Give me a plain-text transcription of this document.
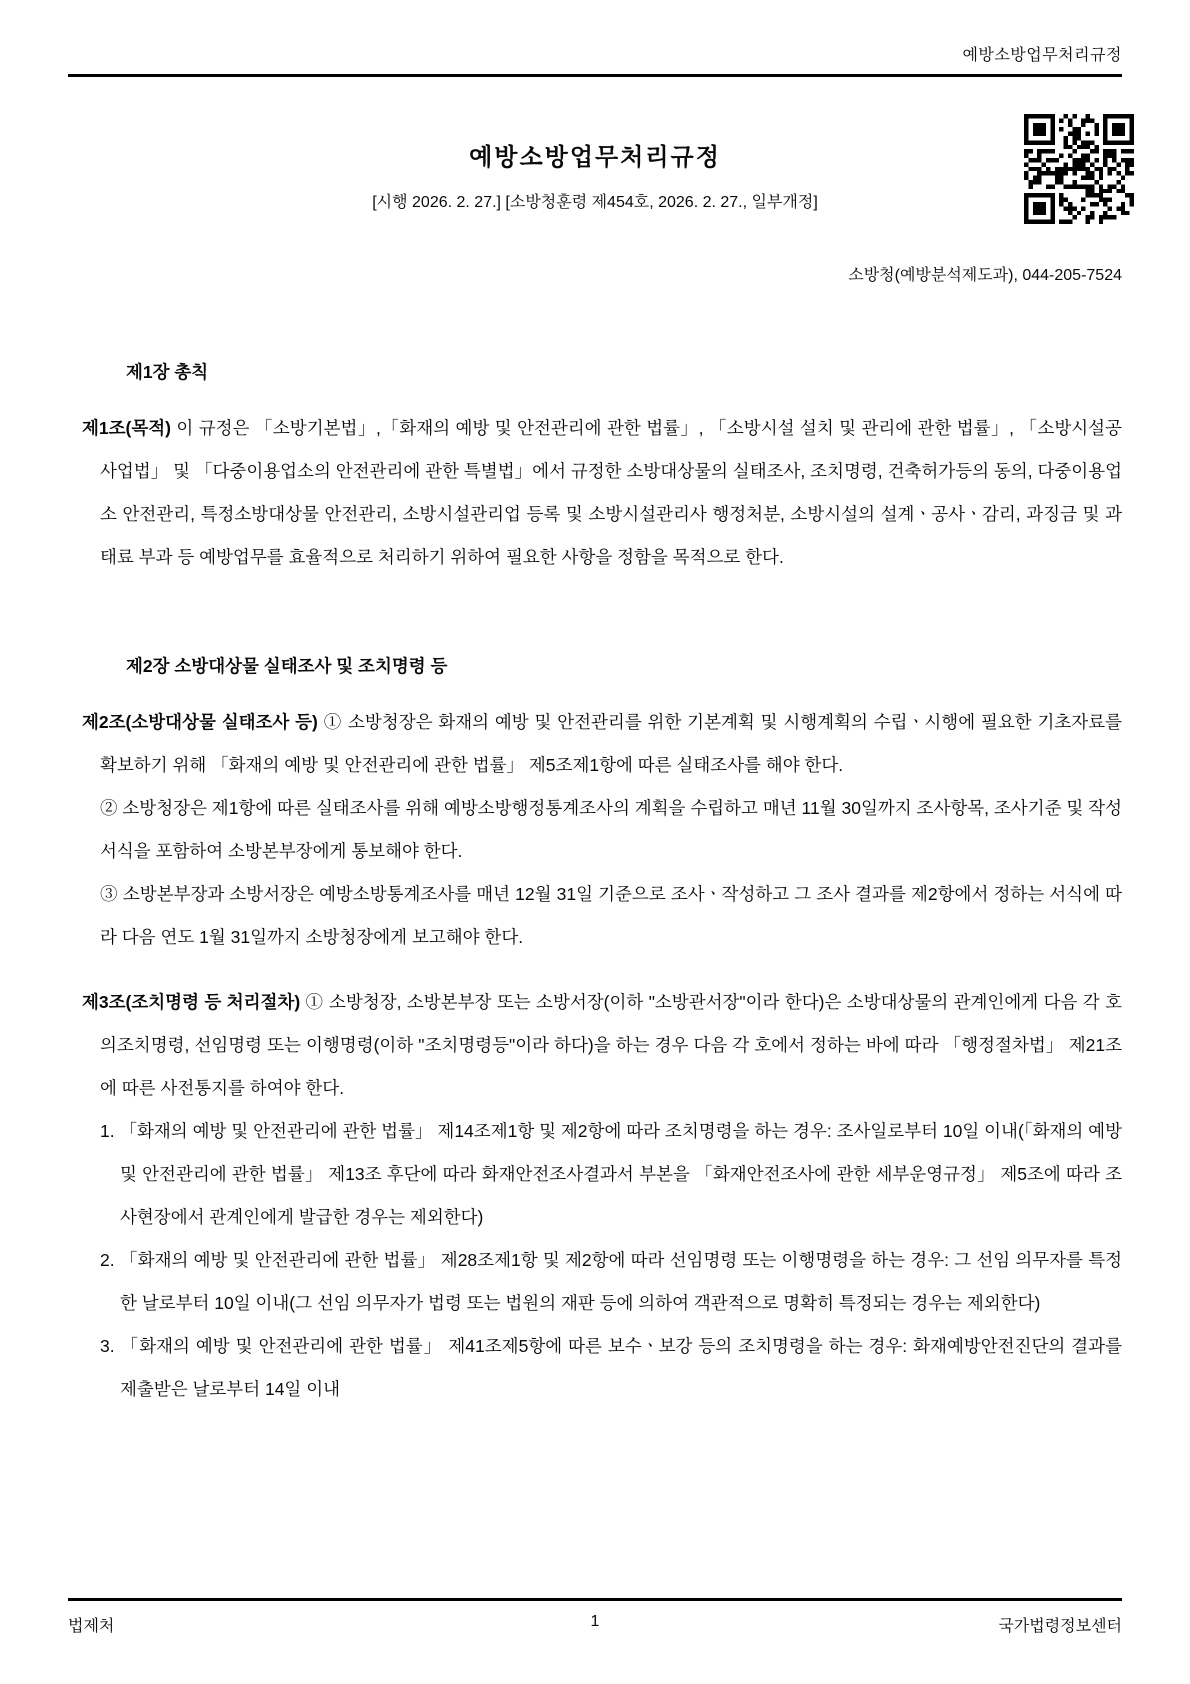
예방소방업무처리규정
예방소방업무처리규정
[시행 2026. 2. 27.] [소방청훈령 제454호, 2026. 2. 27., 일부개정]
소방청(예방분석제도과), 044-205-7524
제1장 총칙

제1조(목적) 이 규정은 「소방기본법」,「화재의 예방 및 안전관리에 관한 법률」, 「소방시설 설치 및 관리에 관한 법률」, 「소방시설공사업법」 및 「다중이용업소의 안전관리에 관한 특별법」에서 규정한 소방대상물의 실태조사, 조치명령, 건축허가등의 동의, 다중이용업소 안전관리, 특정소방대상물 안전관리, 소방시설관리업 등록 및 소방시설관리사 행정처분, 소방시설의 설계ㆍ공사ㆍ감리, 과징금 및 과태료 부과 등 예방업무를 효율적으로 처리하기 위하여 필요한 사항을 정함을 목적으로 한다.

제2장 소방대상물 실태조사 및 조치명령 등

제2조(소방대상물 실태조사 등) ① 소방청장은 화재의 예방 및 안전관리를 위한 기본계획 및 시행계획의 수립ㆍ시행에 필요한 기초자료를 확보하기 위해 「화재의 예방 및 안전관리에 관한 법률」 제5조제1항에 따른 실태조사를 해야 한다.

② 소방청장은 제1항에 따른 실태조사를 위해 예방소방행정통계조사의 계획을 수립하고 매년 11월 30일까지 조사항목, 조사기준 및 작성서식을 포함하여 소방본부장에게 통보해야 한다.

③ 소방본부장과 소방서장은 예방소방통계조사를 매년 12월 31일 기준으로 조사ㆍ작성하고 그 조사 결과를 제2항에서 정하는 서식에 따라 다음 연도 1월 31일까지 소방청장에게 보고해야 한다.

제3조(조치명령 등 처리절차) ① 소방청장, 소방본부장 또는 소방서장(이하 "소방관서장"이라 한다)은 소방대상물의 관계인에게 다음 각 호의조치명령, 선임명령 또는 이행명령(이하 "조치명령등"이라 하다)을 하는 경우 다음 각 호에서 정하는 바에 따라 「행정절차법」 제21조에 따른 사전통지를 하여야 한다.

1. 「화재의 예방 및 안전관리에 관한 법률」 제14조제1항 및 제2항에 따라 조치명령을 하는 경우: 조사일로부터 10일 이내(「화재의 예방 및 안전관리에 관한 법률」 제13조 후단에 따라 화재안전조사결과서 부본을 「화재안전조사에 관한 세부운영규정」 제5조에 따라 조사현장에서 관계인에게 발급한 경우는 제외한다)

2. 「화재의 예방 및 안전관리에 관한 법률」 제28조제1항 및 제2항에 따라 선임명령 또는 이행명령을 하는 경우: 그 선임 의무자를 특정한 날로부터 10일 이내(그 선임 의무자가 법령 또는 법원의 재판 등에 의하여 객관적으로 명확히 특정되는 경우는 제외한다)

3. 「화재의 예방 및 안전관리에 관한 법률」 제41조제5항에 따른 보수ㆍ보강 등의 조치명령을 하는 경우: 화재예방안전진단의 결과를 제출받은 날로부터 14일 이내

법제처	1	국가법령정보센터
